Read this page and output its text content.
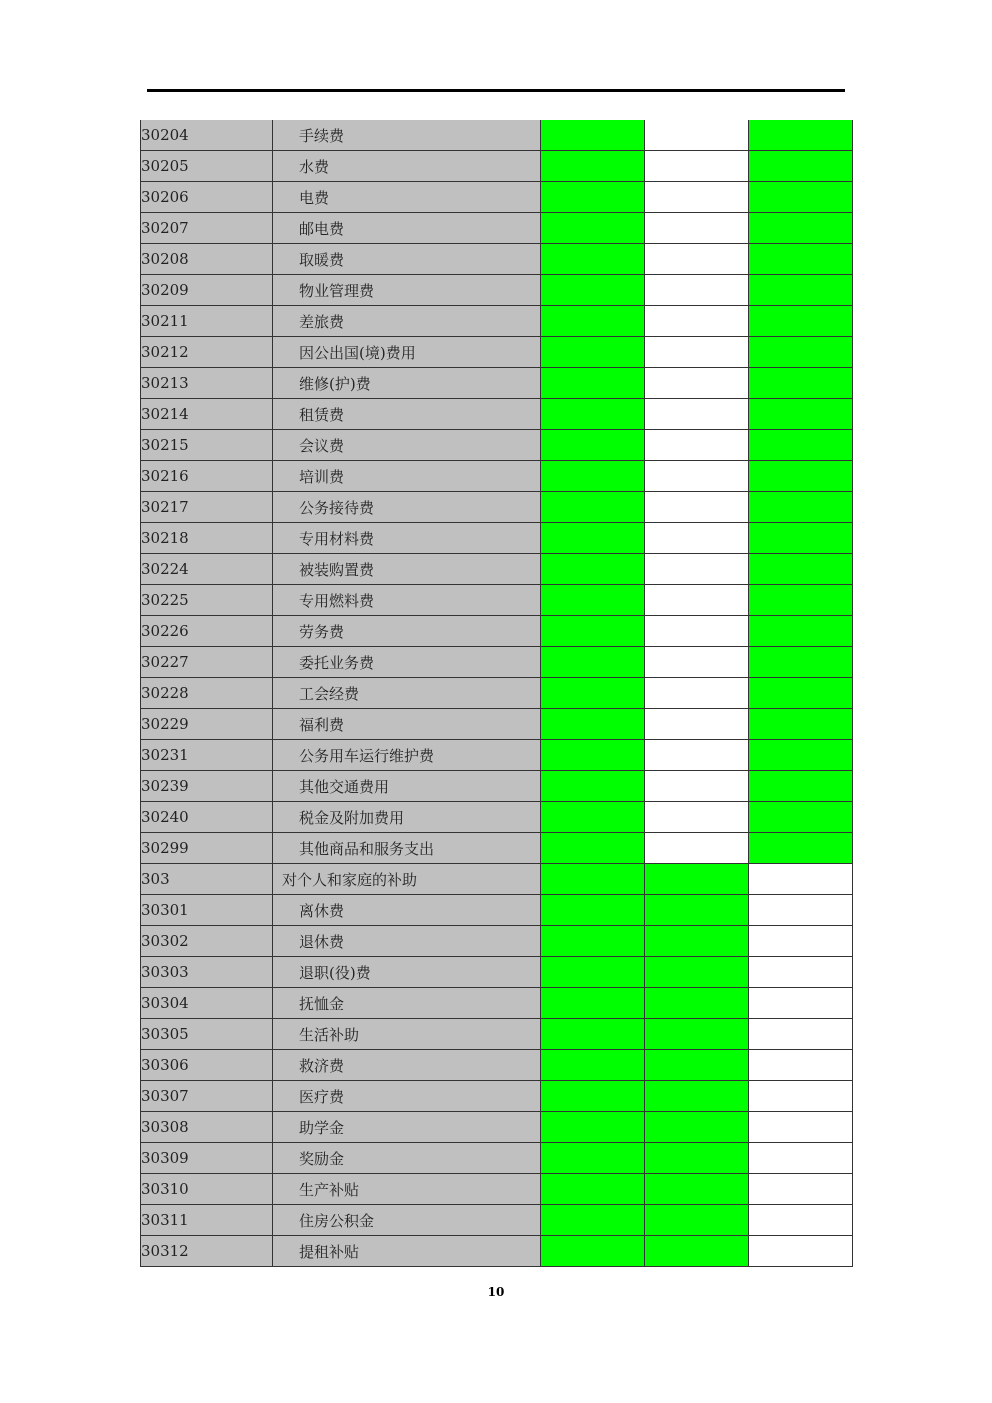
30204	手续费			
30205	水费			
30206	电费			
30207	邮电费			
30208	取暖费			
30209	物业管理费			
30211	差旅费			
30212	因公出国(境)费用			
30213	维修(护)费			
30214	租赁费			
30215	会议费			
30216	培训费			
30217	公务接待费			
30218	专用材料费			
30224	被装购置费			
30225	专用燃料费			
30226	劳务费			
30227	委托业务费			
30228	工会经费			
30229	福利费			
30231	公务用车运行维护费			
30239	其他交通费用			
30240	税金及附加费用			
30299	其他商品和服务支出			
303	对个人和家庭的补助			
30301	离休费			
30302	退休费			
30303	退职(役)费			
30304	抚恤金			
30305	生活补助			
30306	救济费			
30307	医疗费			
30308	助学金			
30309	奖励金			
30310	生产补贴			
30311	住房公积金			
30312	提租补贴			
10
